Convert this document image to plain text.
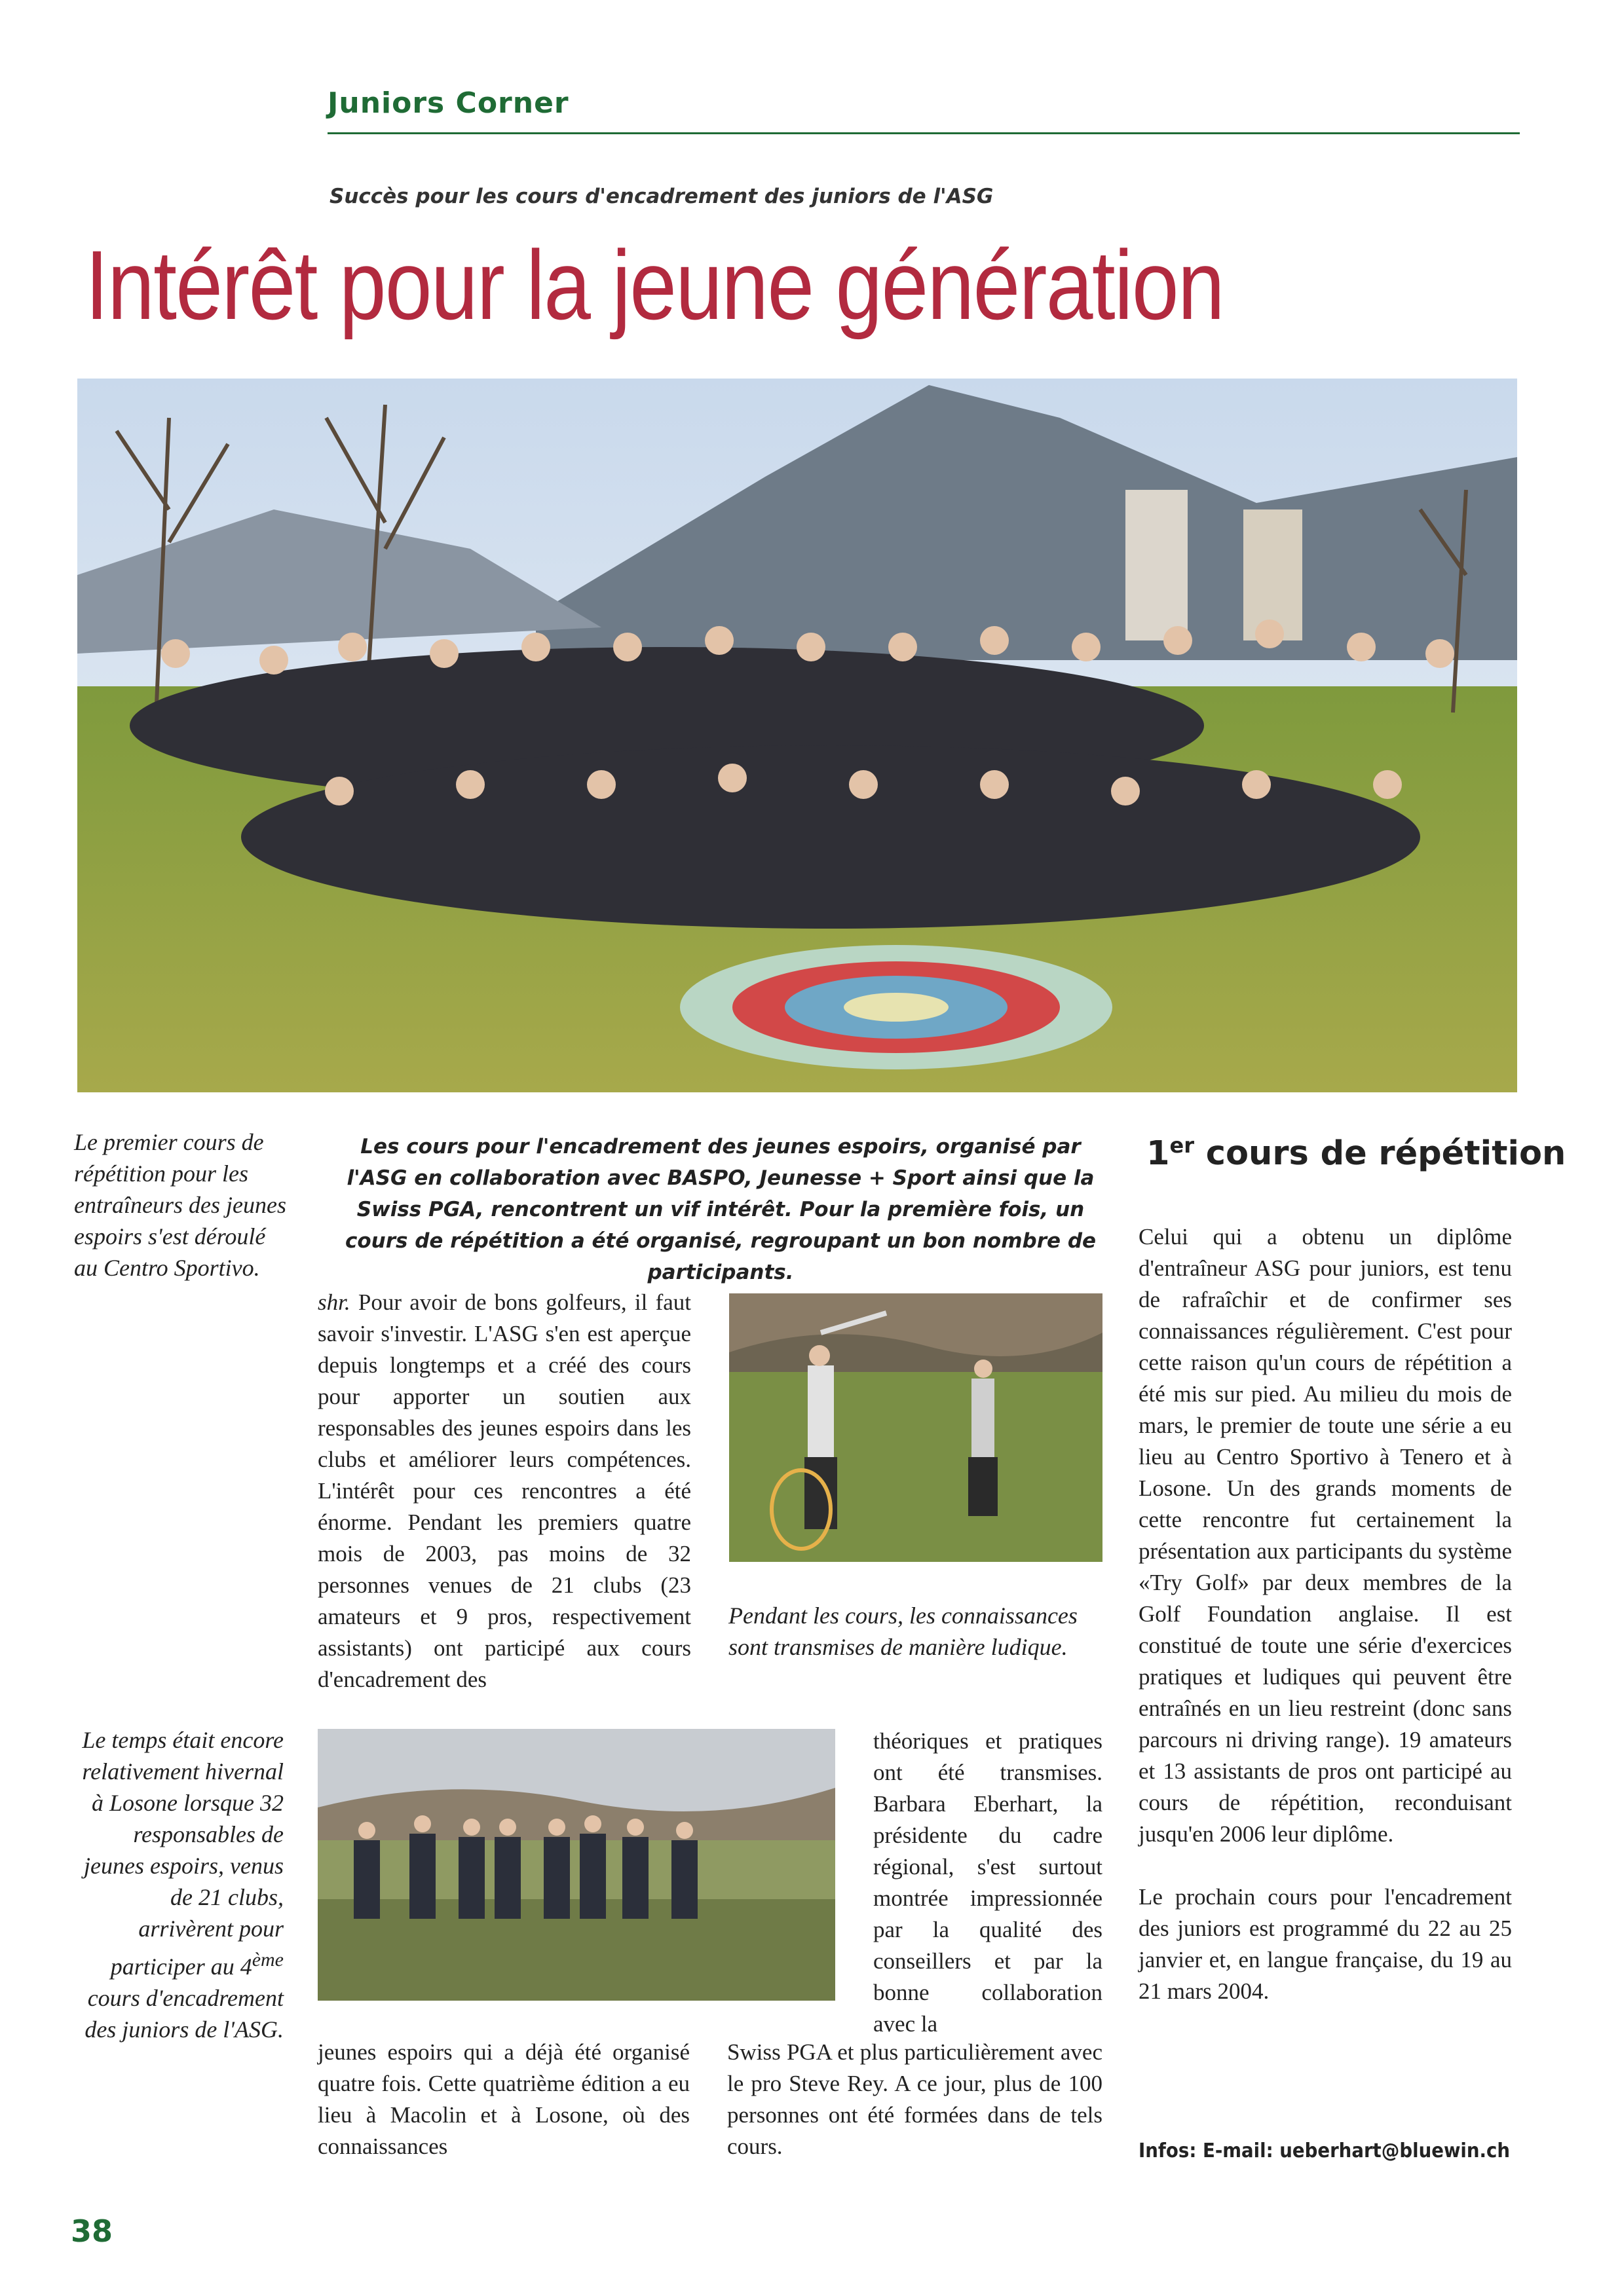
Juniors Corner
Succès pour les cours d'encadrement des juniors de l'ASG
Intérêt pour la jeune génération
Le premier cours de répétition pour les entraîneurs des jeunes espoirs s'est déroulé au Centro Sportivo.
Le temps était encore relativement hivernal à Losone lorsque 32 responsables de jeunes espoirs, venus de 21 clubs, arrivèrent pour participer au 4ème cours d'encadrement des juniors de l'ASG.
Les cours pour l'encadrement des jeunes espoirs, organisé par l'ASG en collaboration avec BASPO, Jeunesse + Sport ainsi que la Swiss PGA, rencontrent un vif intérêt. Pour la première fois, un cours de répétition a été organisé, regroupant un bon nombre de participants.

shr. Pour avoir de bons golfeurs, il faut savoir s'investir. L'ASG s'en est aperçue depuis longtemps et a créé des cours pour apporter un soutien aux responsables des jeunes espoirs dans les clubs et améliorer leurs compétences. L'intérêt pour ces rencontres a été énorme. Pendant les premiers quatre mois de 2003, pas moins de 32 personnes venues de 21 clubs (23 amateurs et 9 pros, respectivement assistants) ont participé aux cours d'encadrement des

Pendant les cours, les connaissances sont transmises de manière ludique.

théoriques et pratiques ont été transmises. Barbara Eberhart, la présidente du cadre régional, s'est surtout montrée impressionnée par la qualité des conseillers et par la bonne collaboration avec la

jeunes espoirs qui a déjà été organisé quatre fois. Cette quatrième édition a eu lieu à Macolin et à Losone, où des connaissances

Swiss PGA et plus particulièrement avec le pro Steve Rey. A ce jour, plus de 100 personnes ont été formées dans de tels cours.

1er cours de répétition

Celui qui a obtenu un diplôme d'entraîneur ASG pour juniors, est tenu de rafraîchir et de confirmer ses connaissances régulièrement. C'est pour cette raison qu'un cours de répétition a été mis sur pied. Au milieu du mois de mars, le premier de toute une série a eu lieu au Centro Sportivo à Tenero et à Losone. Un des grands moments de cette rencontre fut certainement la présentation aux participants du système «Try Golf» par deux membres de la Golf Foundation anglaise. Il est constitué de toute une série d'exercices pratiques et ludiques qui peuvent être entraînés en un lieu restreint (donc sans parcours ni driving range). 19 amateurs et 13 assistants de pros ont participé au cours de répétition, reconduisant jusqu'en 2006 leur diplôme.

Le prochain cours pour l'encadrement des juniors est programmé du 22 au 25 janvier et, en langue française, du 19 au 21 mars 2004.

Infos: E-mail: ueberhart@bluewin.ch
38
